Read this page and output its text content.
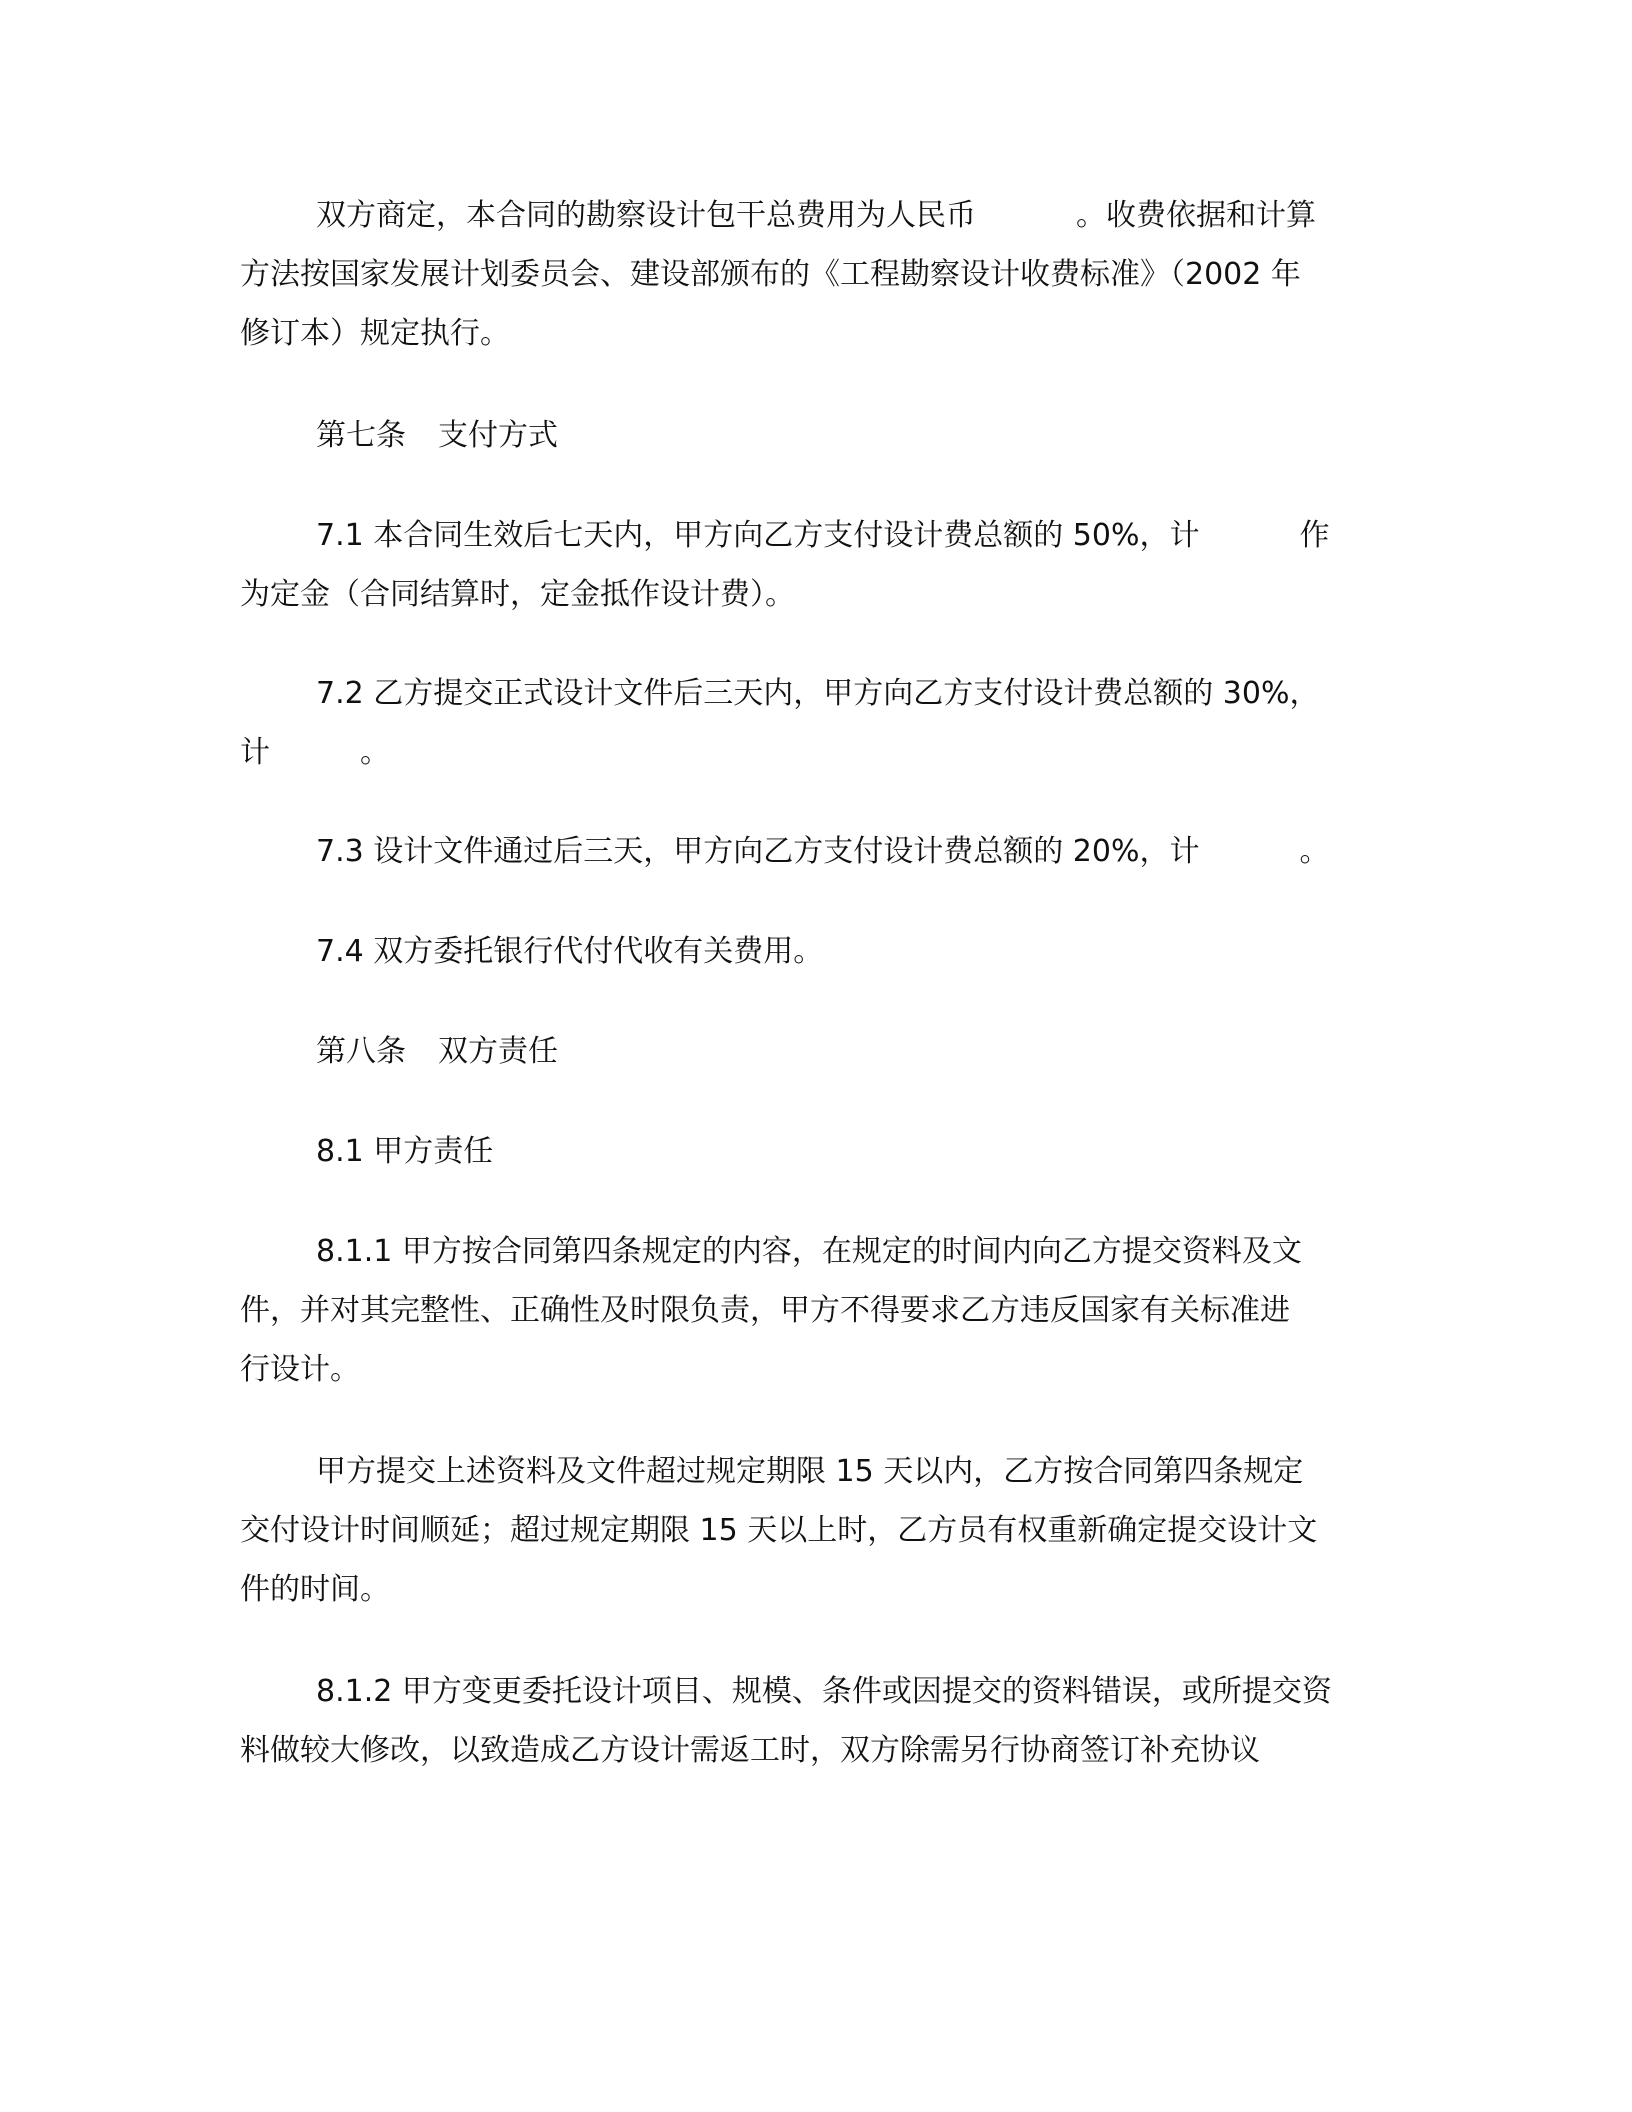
双方商定，本合同的勘察设计包干总费用为人民币	。收费依据和计算
方法按国家发展计划委员会、建设部颁布的《工程勘察设计收费标准》（2002 年
修订本）规定执行。
第七条 支付方式
7.1 本合同生效后七天内，甲方向乙方支付设计费总额的 50%，计	作
为定金（合同结算时，定金抵作设计费）。
7.2 乙方提交正式设计文件后三天内，甲方向乙方支付设计费总额的 30%，
计	。
7.3 设计文件通过后三天，甲方向乙方支付设计费总额的 20%，计	。
7.4 双方委托银行代付代收有关费用。
第八条 双方责任
8.1 甲方责任
8.1.1 甲方按合同第四条规定的内容，在规定的时间内向乙方提交资料及文
件，并对其完整性、正确性及时限负责，甲方不得要求乙方违反国家有关标准进
行设计。
甲方提交上述资料及文件超过规定期限 15 天以内，乙方按合同第四条规定
交付设计时间顺延；超过规定期限 15 天以上时，乙方员有权重新确定提交设计文
件的时间。
8.1.2 甲方变更委托设计项目、规模、条件或因提交的资料错误，或所提交资
料做较大修改，以致造成乙方设计需返工时，双方除需另行协商签订补充协议
